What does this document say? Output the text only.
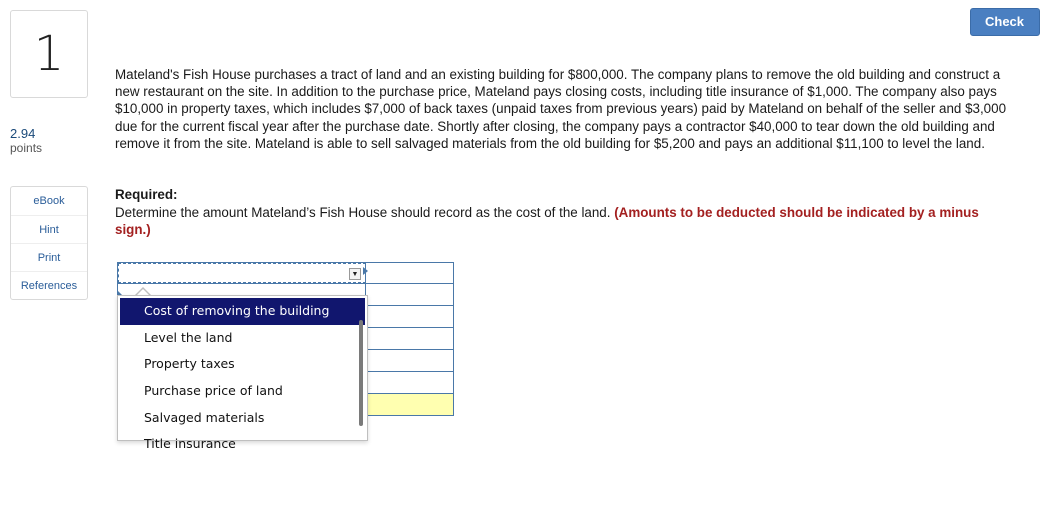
1
2.94
points
eBook
Hint
Print
References
Check

Mateland's Fish House purchases a tract of land and an existing building for $800,000. The company plans to remove the old building and construct a new restaurant on the site. In addition to the purchase price, Mateland pays closing costs, including title insurance of $1,000. The company also pays $10,000 in property taxes, which includes $7,000 of back taxes (unpaid taxes from previous years) paid by Mateland on behalf of the seller and $3,000 due for the current fiscal year after the purchase date. Shortly after closing, the company pays a contractor $40,000 to tear down the old building and remove it from the site. Mateland is able to sell salvaged materials from the old building for $5,200 and pays an additional $11,100 to level the land.

Required:

Determine the amount Mateland’s Fish House should record as the cost of the land. (Amounts to be deducted should be indicated by a minus sign.)

▼
Cost of removing the building
Level the land
Property taxes
Purchase price of land
Salvaged materials
Title insurance
